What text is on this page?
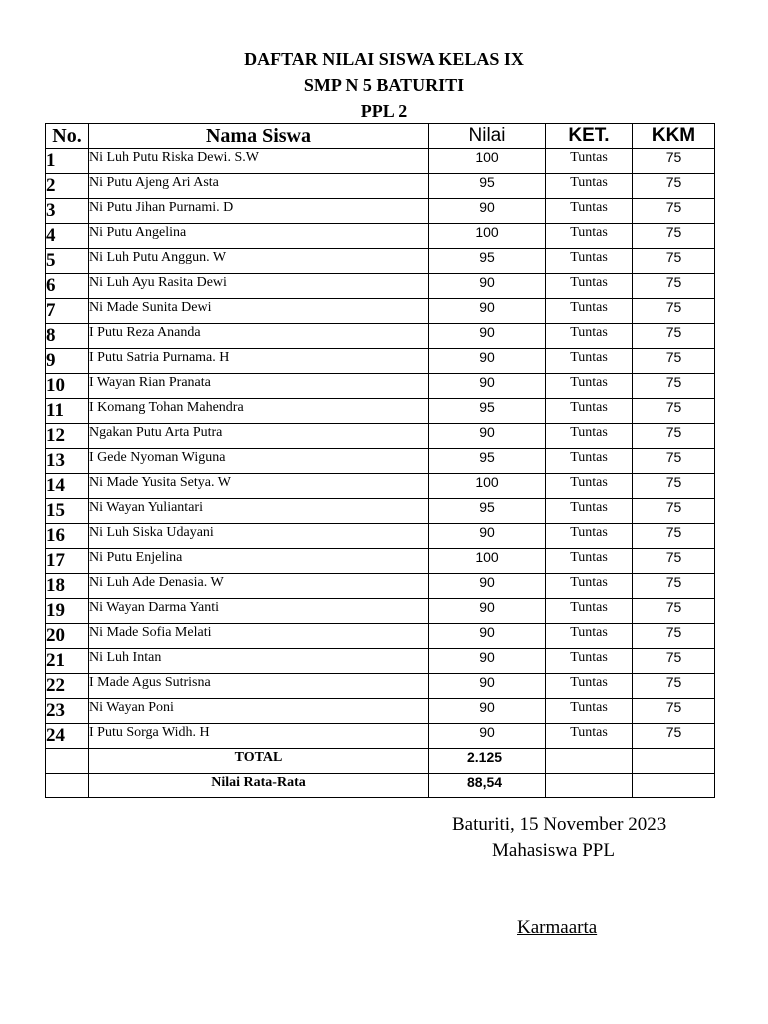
DAFTAR NILAI SISWA KELAS IX
SMP N 5 BATURITI
PPL 2
No.	Nama Siswa	Nilai	KET.	KKM
1	Ni Luh Putu Riska Dewi. S.W	100	Tuntas	75
2	Ni Putu Ajeng Ari Asta	95	Tuntas	75
3	Ni Putu Jihan Purnami. D	90	Tuntas	75
4	Ni Putu Angelina	100	Tuntas	75
5	Ni Luh Putu Anggun. W	95	Tuntas	75
6	Ni Luh Ayu Rasita Dewi	90	Tuntas	75
7	Ni Made Sunita Dewi	90	Tuntas	75
8	I Putu Reza Ananda	90	Tuntas	75
9	I Putu Satria Purnama. H	90	Tuntas	75
10	I Wayan Rian Pranata	90	Tuntas	75
11	I Komang Tohan Mahendra	95	Tuntas	75
12	Ngakan Putu Arta Putra	90	Tuntas	75
13	I Gede Nyoman Wiguna	95	Tuntas	75
14	Ni Made Yusita Setya. W	100	Tuntas	75
15	Ni Wayan Yuliantari	95	Tuntas	75
16	Ni Luh Siska Udayani	90	Tuntas	75
17	Ni Putu Enjelina	100	Tuntas	75
18	Ni Luh Ade Denasia. W	90	Tuntas	75
19	Ni Wayan Darma Yanti	90	Tuntas	75
20	Ni Made Sofia Melati	90	Tuntas	75
21	Ni Luh Intan	90	Tuntas	75
22	I Made Agus Sutrisna	90	Tuntas	75
23	Ni Wayan Poni	90	Tuntas	75
24	I Putu Sorga Widh. H	90	Tuntas	75
	TOTAL	2.125		
	Nilai Rata-Rata	88,54		
Baturiti, 15 November 2023
Mahasiswa PPL
Karmaarta
